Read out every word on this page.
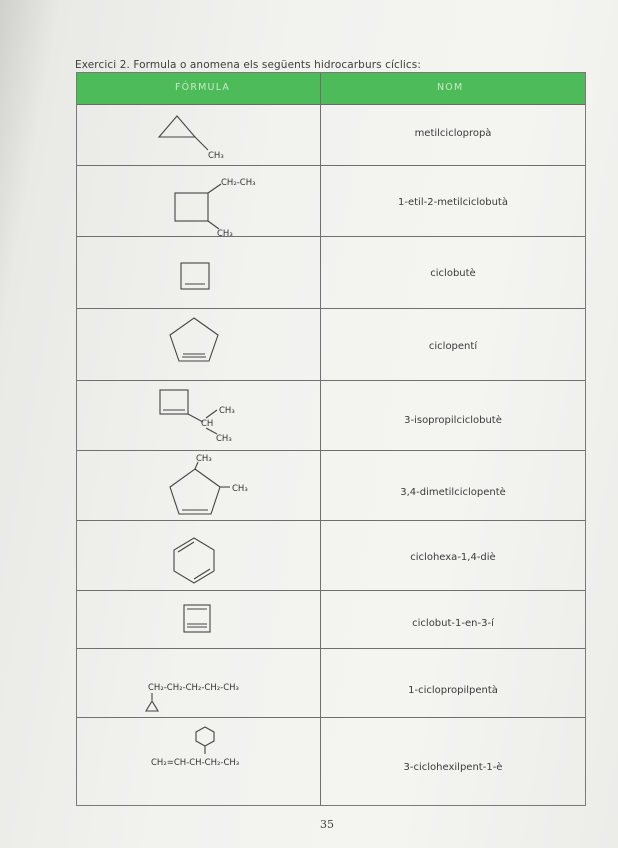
Exercici 2. Formula o anomena els següents hidrocarburs cíclics:
FÓRMULA	NOM
metilciclopropà
1-etil-2-metilciclobutà
ciclobutè
ciclopentí
3-isopropilciclobutè
3,4-dimetilciclopentè
ciclohexa-1,4-diè
ciclobut-1-en-3-í
1-ciclopropilpentà
3-ciclohexilpent-1-è
CH₃
CH₂-CH₃
CH₃
CH₃
CH
CH₃
CH₃
CH₃
CH₂-CH₂-CH₂-CH₂-CH₃
CH₂=CH-CH-CH₂-CH₃
35
